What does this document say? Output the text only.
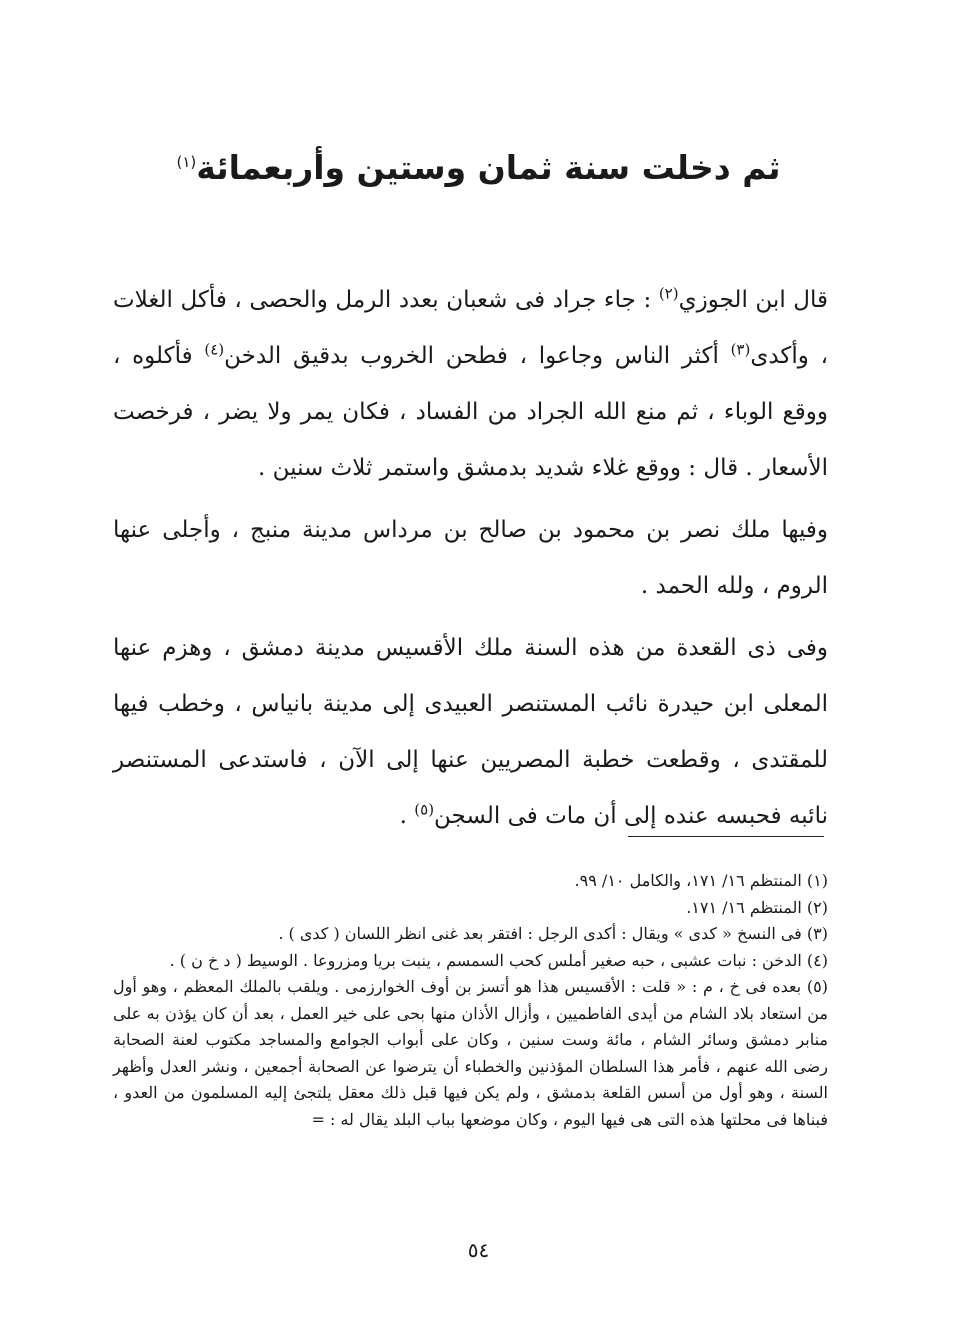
ثم دخلت سنة ثمان وستين وأربعمائة$^{(١)}$

قال ابن الجوزي$^{(٢)}$ : جاء جراد فى شعبان بعدد الرمل والحصى ، فأكل الغلات ، وأكدى$^{(٣)}$ أكثر الناس وجاعوا ، فطحن الخروب بدقيق الدخن$^{(٤)}$ فأكلوه ، ووقع الوباء ، ثم منع الله الجراد من الفساد ، فكان يمر ولا يضر ، فرخصت الأسعار . قال : ووقع غلاء شديد بدمشق واستمر ثلاث سنين .

وفيها ملك نصر بن محمود بن صالح بن مرداس مدينة منبج ، وأجلى عنها الروم ، ولله الحمد .

وفى ذى القعدة من هذه السنة ملك الأقسيس مدينة دمشق ، وهزم عنها المعلى ابن حيدرة نائب المستنصر العبيدى إلى مدينة بانياس ، وخطب فيها للمقتدى ، وقطعت خطبة المصريين عنها إلى الآن ، فاستدعى المستنصر نائبه فحبسه عنده إلى أن مات فى السجن$^{(٥)}$ .

(١) المنتظم ١٦/ ١٧١، والكامل ١٠/ ٩٩.

(٢) المنتظم ١٦/ ١٧١.

(٣) فى النسخ « كدى » ويقال : أكدى الرجل : افتقر بعد غنى انظر اللسان ( كدى ) .

(٤) الدخن : نبات عشبى ، حبه صغير أملس كحب السمسم ، ينبت بريا ومزروعا . الوسيط ( د خ ن ) .

(٥) بعده فى خ ، م : « قلت : الأقسيس هذا هو أتسز بن أوف الخوارزمى . ويلقب بالملك المعظم ، وهو أول من استعاد بلاد الشام من أيدى الفاطميين ، وأزال الأذان منها بحى على خير العمل ، بعد أن كان يؤذن به على منابر دمشق وسائر الشام ، مائة وست سنين ، وكان على أبواب الجوامع والمساجد مكتوب لعنة الصحابة رضى الله عنهم ، فأمر هذا السلطان المؤذنين والخطباء أن يترضوا عن الصحابة أجمعين ، ونشر العدل وأظهر السنة ، وهو أول من أسس القلعة بدمشق ، ولم يكن فيها قبل ذلك معقل يلتجئ إليه المسلمون من العدو ، فبناها فى محلتها هذه التى هى فيها اليوم ، وكان موضعها بباب البلد يقال له : =

٥٤
